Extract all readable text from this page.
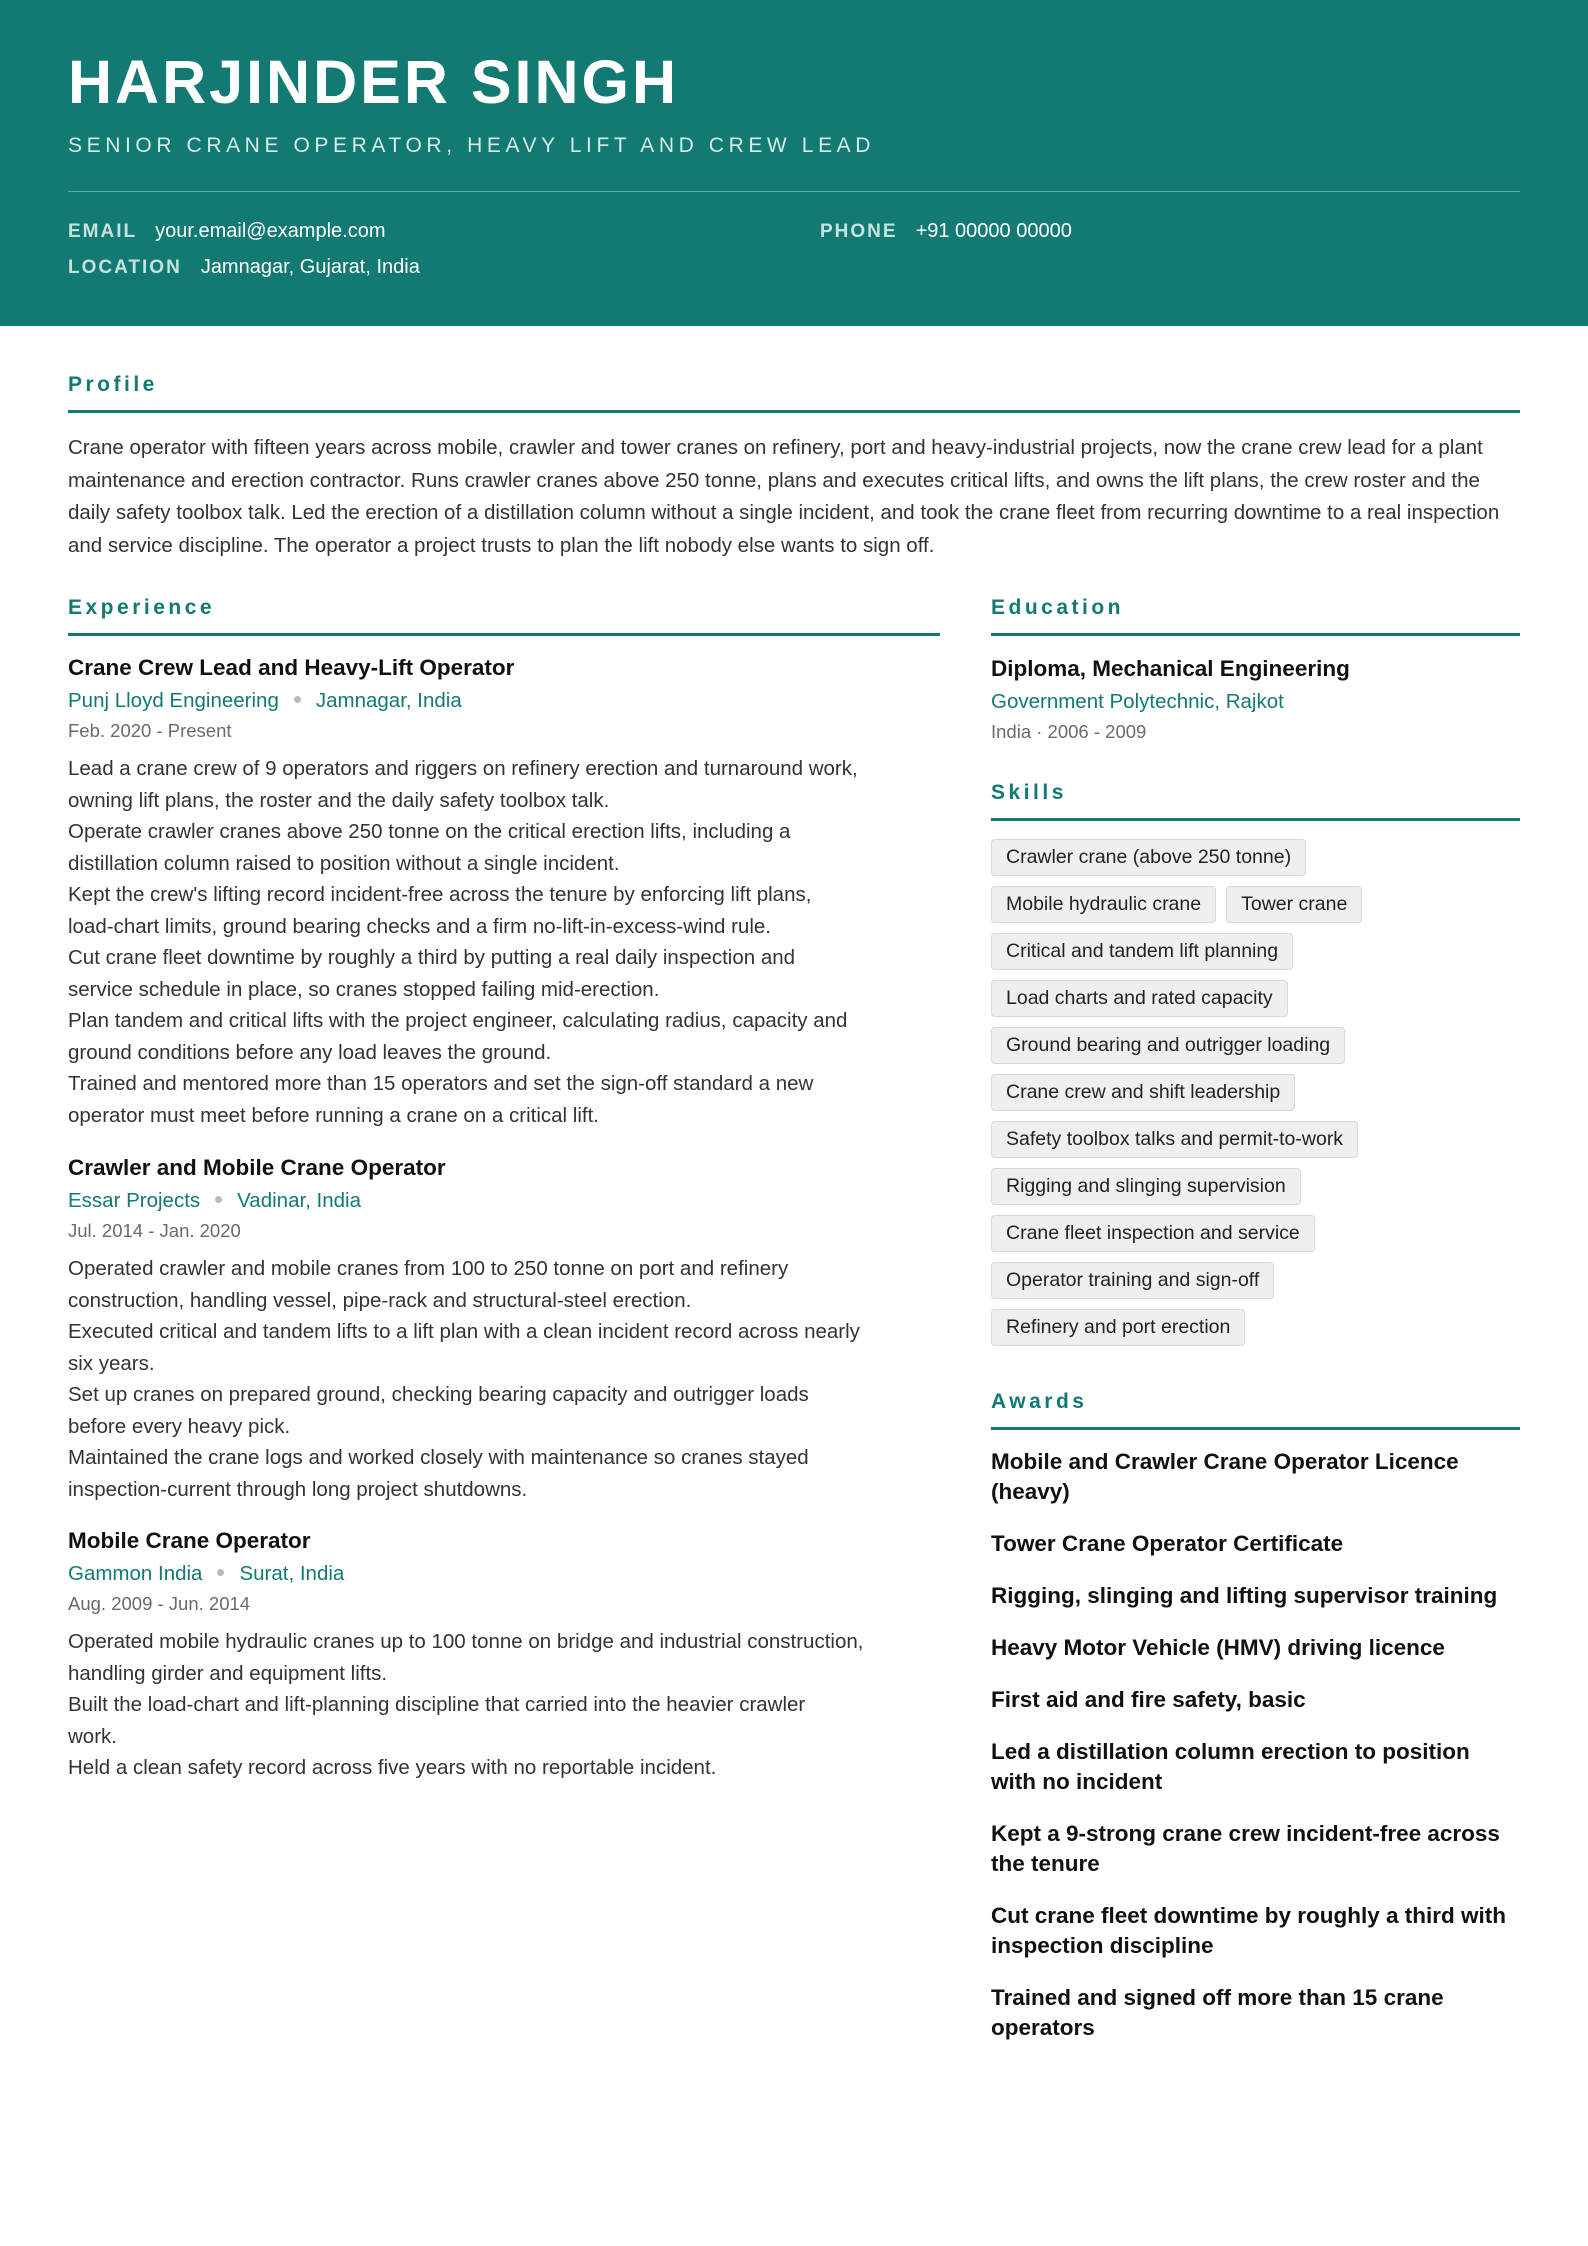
HARJINDER SINGH
SENIOR CRANE OPERATOR, HEAVY LIFT AND CREW LEAD
EMAIL your.email@example.com
LOCATION Jamnagar, Gujarat, India
PHONE +91 00000 00000
Profile
Crane operator with fifteen years across mobile, crawler and tower cranes on refinery, port and heavy-industrial projects, now the crane crew lead for a plant maintenance and erection contractor. Runs crawler cranes above 250 tonne, plans and executes critical lifts, and owns the lift plans, the crew roster and the daily safety toolbox talk. Led the erection of a distillation column without a single incident, and took the crane fleet from recurring downtime to a real inspection and service discipline. The operator a project trusts to plan the lift nobody else wants to sign off.
Experience
Crane Crew Lead and Heavy-Lift Operator
Punj Lloyd Engineering Jamnagar, India
Feb. 2020 - Present
Lead a crane crew of 9 operators and riggers on refinery erection and turnaround work,
owning lift plans, the roster and the daily safety toolbox talk.
Operate crawler cranes above 250 tonne on the critical erection lifts, including a
distillation column raised to position without a single incident.
Kept the crew's lifting record incident-free across the tenure by enforcing lift plans,
load-chart limits, ground bearing checks and a firm no-lift-in-excess-wind rule.
Cut crane fleet downtime by roughly a third by putting a real daily inspection and
service schedule in place, so cranes stopped failing mid-erection.
Plan tandem and critical lifts with the project engineer, calculating radius, capacity and
ground conditions before any load leaves the ground.
Trained and mentored more than 15 operators and set the sign-off standard a new
operator must meet before running a crane on a critical lift.
Crawler and Mobile Crane Operator
Essar Projects Vadinar, India
Jul. 2014 - Jan. 2020
Operated crawler and mobile cranes from 100 to 250 tonne on port and refinery
construction, handling vessel, pipe-rack and structural-steel erection.
Executed critical and tandem lifts to a lift plan with a clean incident record across nearly
six years.
Set up cranes on prepared ground, checking bearing capacity and outrigger loads
before every heavy pick.
Maintained the crane logs and worked closely with maintenance so cranes stayed
inspection-current through long project shutdowns.
Mobile Crane Operator
Gammon India Surat, India
Aug. 2009 - Jun. 2014
Operated mobile hydraulic cranes up to 100 tonne on bridge and industrial construction,
handling girder and equipment lifts.
Built the load-chart and lift-planning discipline that carried into the heavier crawler
work.
Held a clean safety record across five years with no reportable incident.
Education
Diploma, Mechanical Engineering
Government Polytechnic, Rajkot
India · 2006 - 2009
Skills
Crawler crane (above 250 tonne)
Mobile hydraulic crane	Tower crane
Critical and tandem lift planning
Load charts and rated capacity
Ground bearing and outrigger loading
Crane crew and shift leadership
Safety toolbox talks and permit-to-work
Rigging and slinging supervision
Crane fleet inspection and service
Operator training and sign-off
Refinery and port erection
Awards
Mobile and Crawler Crane Operator Licence (heavy)
Tower Crane Operator Certificate
Rigging, slinging and lifting supervisor training
Heavy Motor Vehicle (HMV) driving licence
First aid and fire safety, basic
Led a distillation column erection to position with no incident
Kept a 9-strong crane crew incident-free across the tenure
Cut crane fleet downtime by roughly a third with inspection discipline
Trained and signed off more than 15 crane operators
